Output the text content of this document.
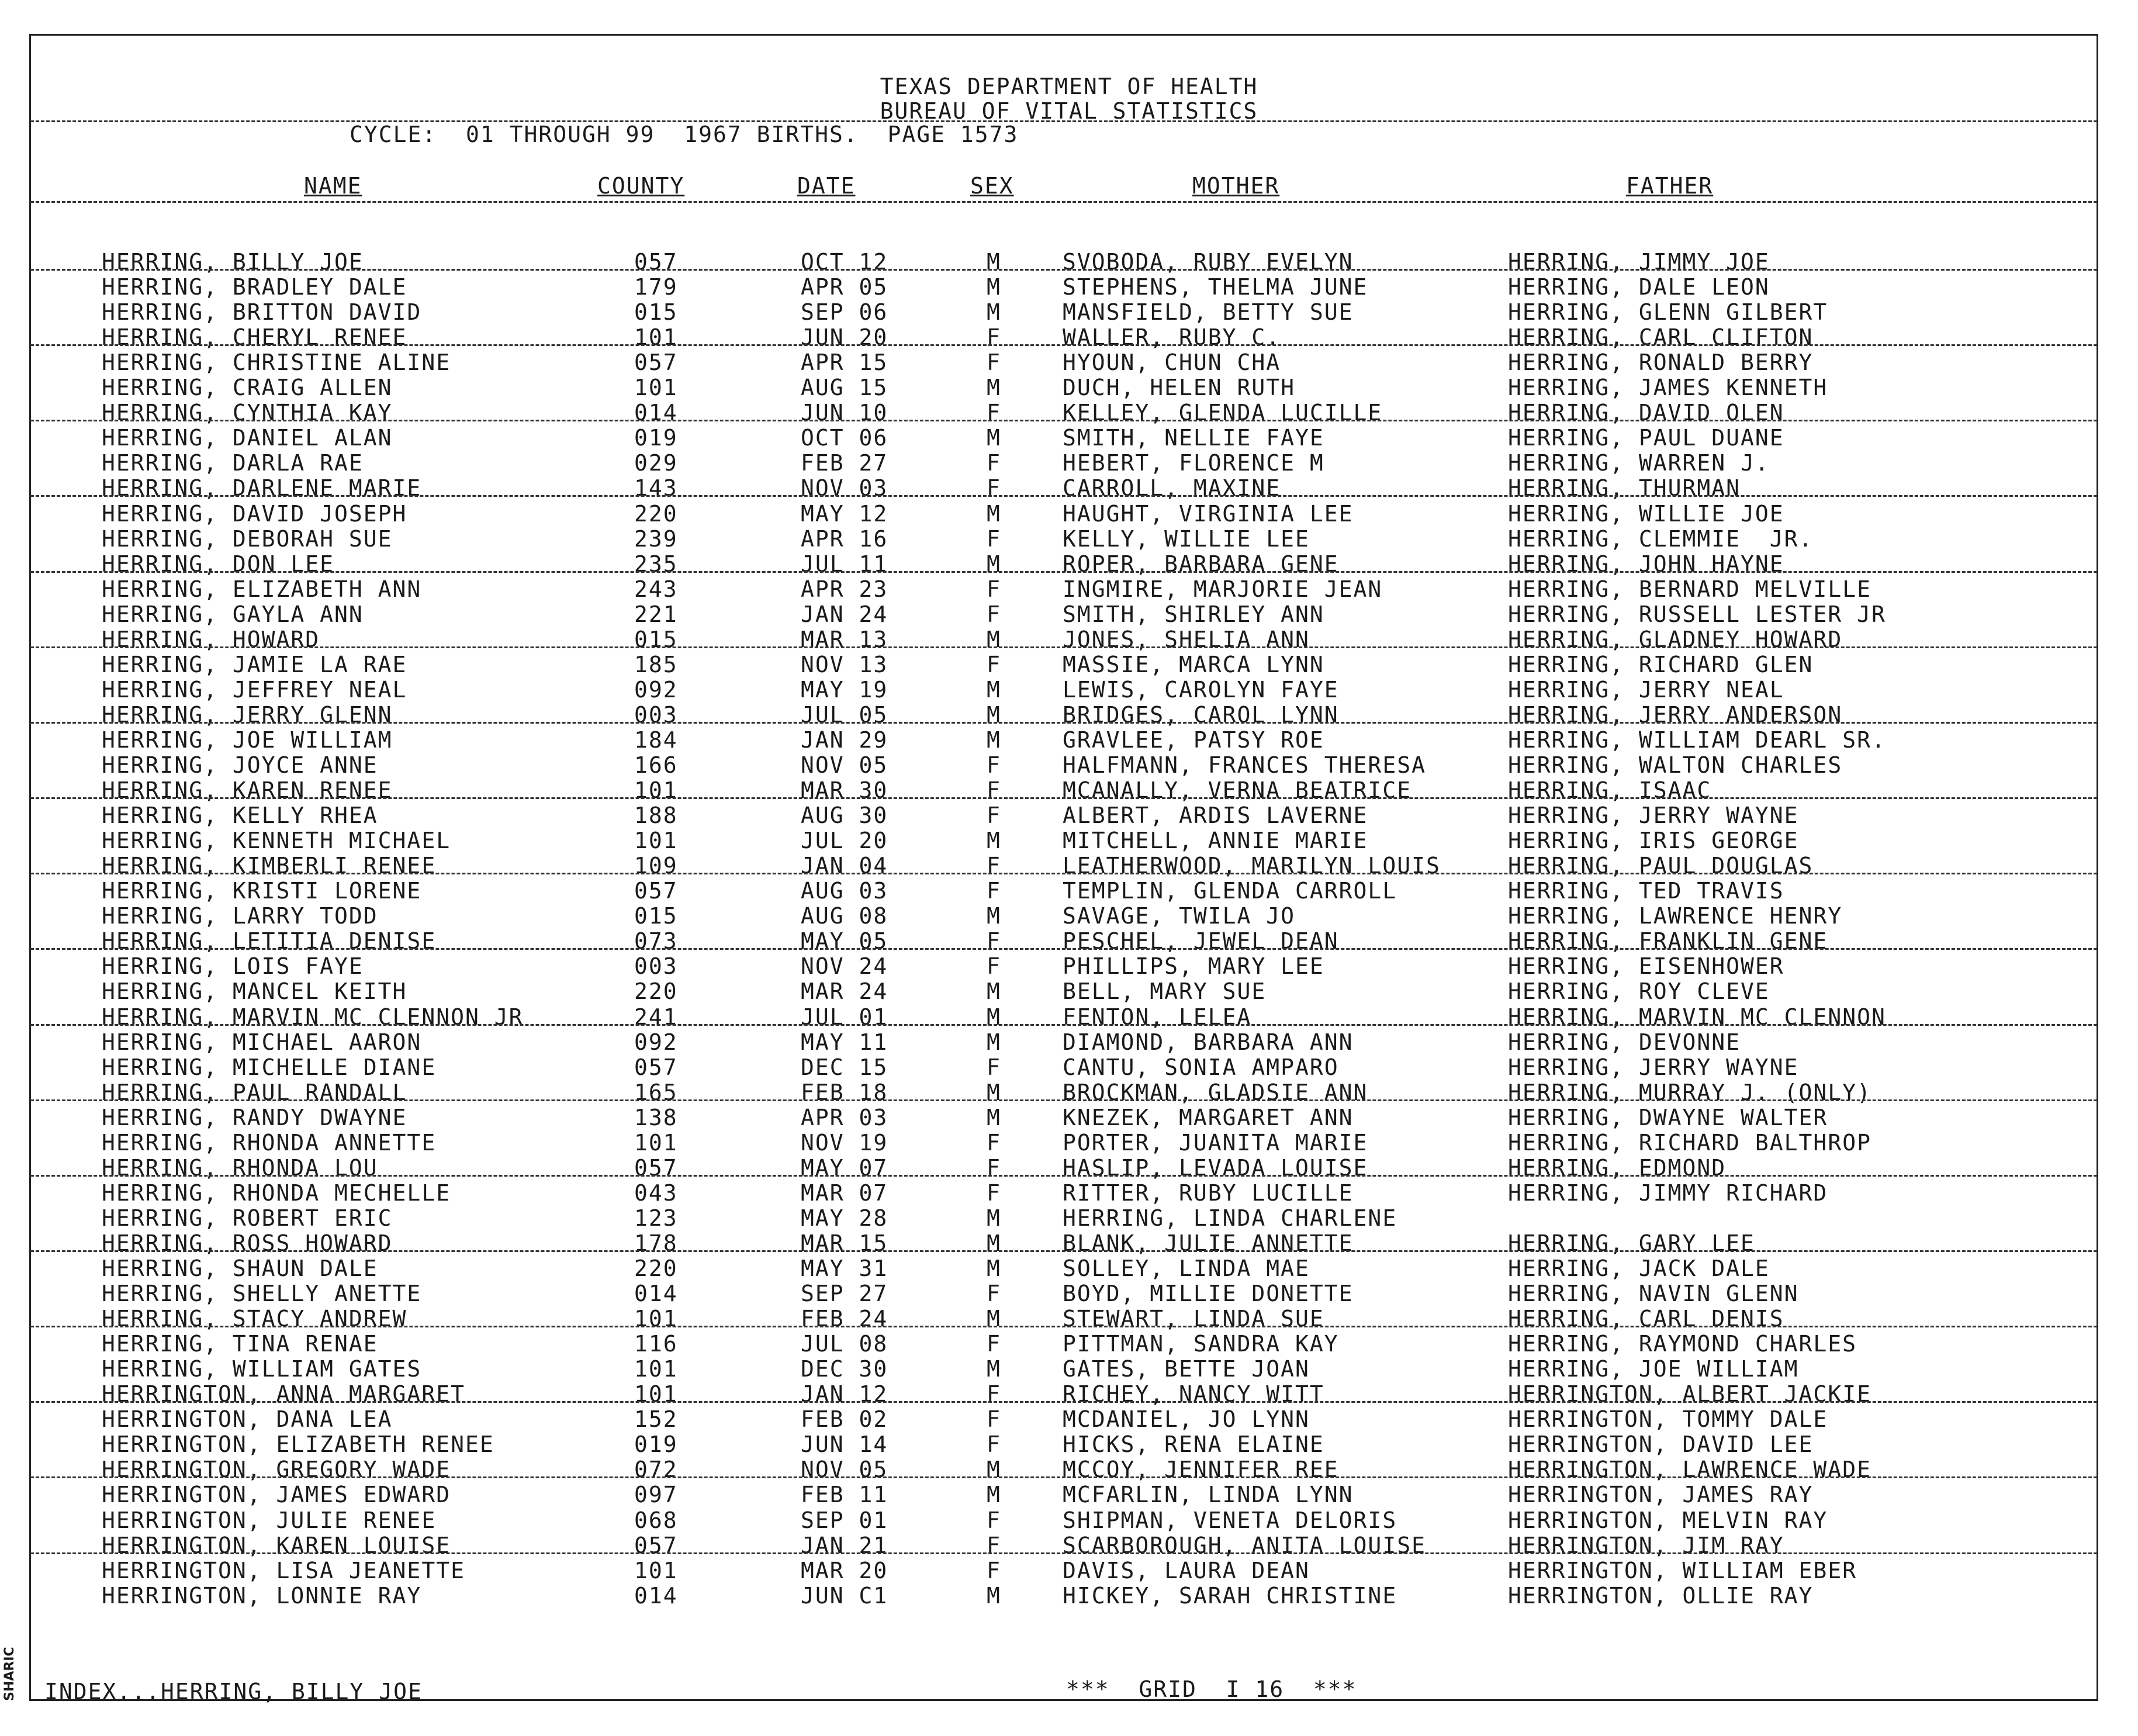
TEXAS DEPARTMENT OF HEALTH
BUREAU OF VITAL STATISTICS
CYCLE:  01 THROUGH 99  1967 BIRTHS.  PAGE 1573
NAME	COUNTY	DATE	SEX	MOTHER	FATHER
HERRING, BILLY JOE	057	OCT 12	M	SVOBODA, RUBY EVELYN	HERRING, JIMMY JOE
HERRING, BRADLEY DALE	179	APR 05	M	STEPHENS, THELMA JUNE	HERRING, DALE LEON
HERRING, BRITTON DAVID	015	SEP 06	M	MANSFIELD, BETTY SUE	HERRING, GLENN GILBERT
HERRING, CHERYL RENEE	101	JUN 20	F	WALLER, RUBY C.	HERRING, CARL CLIFTON
HERRING, CHRISTINE ALINE	057	APR 15	F	HYOUN, CHUN CHA	HERRING, RONALD BERRY
HERRING, CRAIG ALLEN	101	AUG 15	M	DUCH, HELEN RUTH	HERRING, JAMES KENNETH
HERRING, CYNTHIA KAY	014	JUN 10	F	KELLEY, GLENDA LUCILLE	HERRING, DAVID OLEN
HERRING, DANIEL ALAN	019	OCT 06	M	SMITH, NELLIE FAYE	HERRING, PAUL DUANE
HERRING, DARLA RAE	029	FEB 27	F	HEBERT, FLORENCE M	HERRING, WARREN J.
HERRING, DARLENE MARIE	143	NOV 03	F	CARROLL, MAXINE	HERRING, THURMAN
HERRING, DAVID JOSEPH	220	MAY 12	M	HAUGHT, VIRGINIA LEE	HERRING, WILLIE JOE
HERRING, DEBORAH SUE	239	APR 16	F	KELLY, WILLIE LEE	HERRING, CLEMMIE  JR.
HERRING, DON LEE	235	JUL 11	M	ROPER, BARBARA GENE	HERRING, JOHN HAYNE
HERRING, ELIZABETH ANN	243	APR 23	F	INGMIRE, MARJORIE JEAN	HERRING, BERNARD MELVILLE
HERRING, GAYLA ANN	221	JAN 24	F	SMITH, SHIRLEY ANN	HERRING, RUSSELL LESTER JR
HERRING, HOWARD	015	MAR 13	M	JONES, SHELIA ANN	HERRING, GLADNEY HOWARD
HERRING, JAMIE LA RAE	185	NOV 13	F	MASSIE, MARCA LYNN	HERRING, RICHARD GLEN
HERRING, JEFFREY NEAL	092	MAY 19	M	LEWIS, CAROLYN FAYE	HERRING, JERRY NEAL
HERRING, JERRY GLENN	003	JUL 05	M	BRIDGES, CAROL LYNN	HERRING, JERRY ANDERSON
HERRING, JOE WILLIAM	184	JAN 29	M	GRAVLEE, PATSY ROE	HERRING, WILLIAM DEARL SR.
HERRING, JOYCE ANNE	166	NOV 05	F	HALFMANN, FRANCES THERESA	HERRING, WALTON CHARLES
HERRING, KAREN RENEE	101	MAR 30	F	MCANALLY, VERNA BEATRICE	HERRING, ISAAC
HERRING, KELLY RHEA	188	AUG 30	F	ALBERT, ARDIS LAVERNE	HERRING, JERRY WAYNE
HERRING, KENNETH MICHAEL	101	JUL 20	M	MITCHELL, ANNIE MARIE	HERRING, IRIS GEORGE
HERRING, KIMBERLI RENEE	109	JAN 04	F	LEATHERWOOD, MARILYN LOUIS	HERRING, PAUL DOUGLAS
HERRING, KRISTI LORENE	057	AUG 03	F	TEMPLIN, GLENDA CARROLL	HERRING, TED TRAVIS
HERRING, LARRY TODD	015	AUG 08	M	SAVAGE, TWILA JO	HERRING, LAWRENCE HENRY
HERRING, LETITIA DENISE	073	MAY 05	F	PESCHEL, JEWEL DEAN	HERRING, FRANKLIN GENE
HERRING, LOIS FAYE	003	NOV 24	F	PHILLIPS, MARY LEE	HERRING, EISENHOWER
HERRING, MANCEL KEITH	220	MAR 24	M	BELL, MARY SUE	HERRING, ROY CLEVE
HERRING, MARVIN MC CLENNON JR	241	JUL 01	M	FENTON, LELEA	HERRING, MARVIN MC CLENNON
HERRING, MICHAEL AARON	092	MAY 11	M	DIAMOND, BARBARA ANN	HERRING, DEVONNE
HERRING, MICHELLE DIANE	057	DEC 15	F	CANTU, SONIA AMPARO	HERRING, JERRY WAYNE
HERRING, PAUL RANDALL	165	FEB 18	M	BROCKMAN, GLADSIE ANN	HERRING, MURRAY J. (ONLY)
HERRING, RANDY DWAYNE	138	APR 03	M	KNEZEK, MARGARET ANN	HERRING, DWAYNE WALTER
HERRING, RHONDA ANNETTE	101	NOV 19	F	PORTER, JUANITA MARIE	HERRING, RICHARD BALTHROP
HERRING, RHONDA LOU	057	MAY 07	F	HASLIP, LEVADA LOUISE	HERRING, EDMOND
HERRING, RHONDA MECHELLE	043	MAR 07	F	RITTER, RUBY LUCILLE	HERRING, JIMMY RICHARD
HERRING, ROBERT ERIC	123	MAY 28	M	HERRING, LINDA CHARLENE
HERRING, ROSS HOWARD	178	MAR 15	M	BLANK, JULIE ANNETTE	HERRING, GARY LEE
HERRING, SHAUN DALE	220	MAY 31	M	SOLLEY, LINDA MAE	HERRING, JACK DALE
HERRING, SHELLY ANETTE	014	SEP 27	F	BOYD, MILLIE DONETTE	HERRING, NAVIN GLENN
HERRING, STACY ANDREW	101	FEB 24	M	STEWART, LINDA SUE	HERRING, CARL DENIS
HERRING, TINA RENAE	116	JUL 08	F	PITTMAN, SANDRA KAY	HERRING, RAYMOND CHARLES
HERRING, WILLIAM GATES	101	DEC 30	M	GATES, BETTE JOAN	HERRING, JOE WILLIAM
HERRINGTON, ANNA MARGARET	101	JAN 12	F	RICHEY, NANCY WITT	HERRINGTON, ALBERT JACKIE
HERRINGTON, DANA LEA	152	FEB 02	F	MCDANIEL, JO LYNN	HERRINGTON, TOMMY DALE
HERRINGTON, ELIZABETH RENEE	019	JUN 14	F	HICKS, RENA ELAINE	HERRINGTON, DAVID LEE
HERRINGTON, GREGORY WADE	072	NOV 05	M	MCCOY, JENNIFER REE	HERRINGTON, LAWRENCE WADE
HERRINGTON, JAMES EDWARD	097	FEB 11	M	MCFARLIN, LINDA LYNN	HERRINGTON, JAMES RAY
HERRINGTON, JULIE RENEE	068	SEP 01	F	SHIPMAN, VENETA DELORIS	HERRINGTON, MELVIN RAY
HERRINGTON, KAREN LOUISE	057	JAN 21	F	SCARBOROUGH, ANITA LOUISE	HERRINGTON, JIM RAY
HERRINGTON, LISA JEANETTE	101	MAR 20	F	DAVIS, LAURA DEAN	HERRINGTON, WILLIAM EBER
HERRINGTON, LONNIE RAY	014	JUN C1	M	HICKEY, SARAH CHRISTINE	HERRINGTON, OLLIE RAY
INDEX...HERRING, BILLY JOE	***  GRID  I 16  ***
SHARIC
